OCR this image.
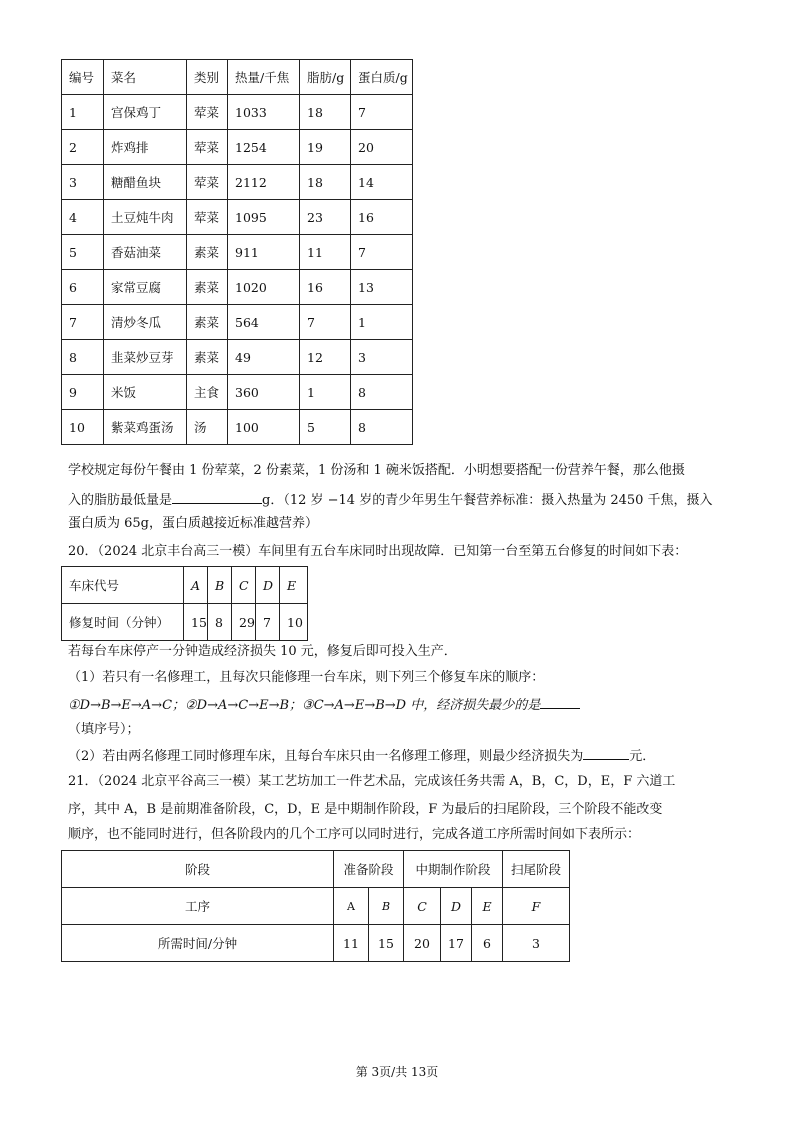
编号	菜名	类别	热量/千焦	脂肪/g	蛋白质/g
1	宫保鸡丁	荤菜	1033	18	7
2	炸鸡排	荤菜	1254	19	20
3	糖醋鱼块	荤菜	2112	18	14
4	土豆炖牛肉	荤菜	1095	23	16
5	香菇油菜	素菜	911	11	7
6	家常豆腐	素菜	1020	16	13
7	清炒冬瓜	素菜	564	7	1
8	韭菜炒豆芽	素菜	49	12	3
9	米饭	主食	360	1	8
10	紫菜鸡蛋汤	汤	100	5	8

学校规定每份午餐由 1 份荤菜，2 份素菜，1 份汤和 1 碗米饭搭配．小明想要搭配一份营养午餐，那么他摄

入的脂肪最低量是	g．（12 岁 −14 岁的青少年男生午餐营养标准：摄入热量为 2450 千焦，摄入

蛋白质为 65g，蛋白质越接近标准越营养）

20．（2024 北京丰台高三一模）车间里有五台车床同时出现故障．已知第一台至第五台修复的时间如下表：

车床代号	A	B	C	D	E
修复时间（分钟）	15	8	29	7	10

若每台车床停产一分钟造成经济损失 10 元，修复后即可投入生产．

（1）若只有一名修理工，且每次只能修理一台车床，则下列三个修复车床的顺序：

①D→B→E→A→C；②D→A→C→E→B；③C→A→E→B→D 中，经济损失最少的是

（填序号）；

（2）若由两名修理工同时修理车床，且每台车床只由一名修理工修理，则最少经济损失为	元．

21．（2024 北京平谷高三一模）某工艺坊加工一件艺术品，完成该任务共需 A，B，C，D，E，F 六道工

序，其中 A，B 是前期准备阶段，C，D，E 是中期制作阶段，F 为最后的扫尾阶段，三个阶段不能改变

顺序，也不能同时进行，但各阶段内的几个工序可以同时进行，完成各道工序所需时间如下表所示：

阶段	准备阶段		中期制作阶段			扫尾阶段
工序	A	B	C	D	E	F
所需时间/分钟	11	15	20	17	6	3
第 3页/共 13页
